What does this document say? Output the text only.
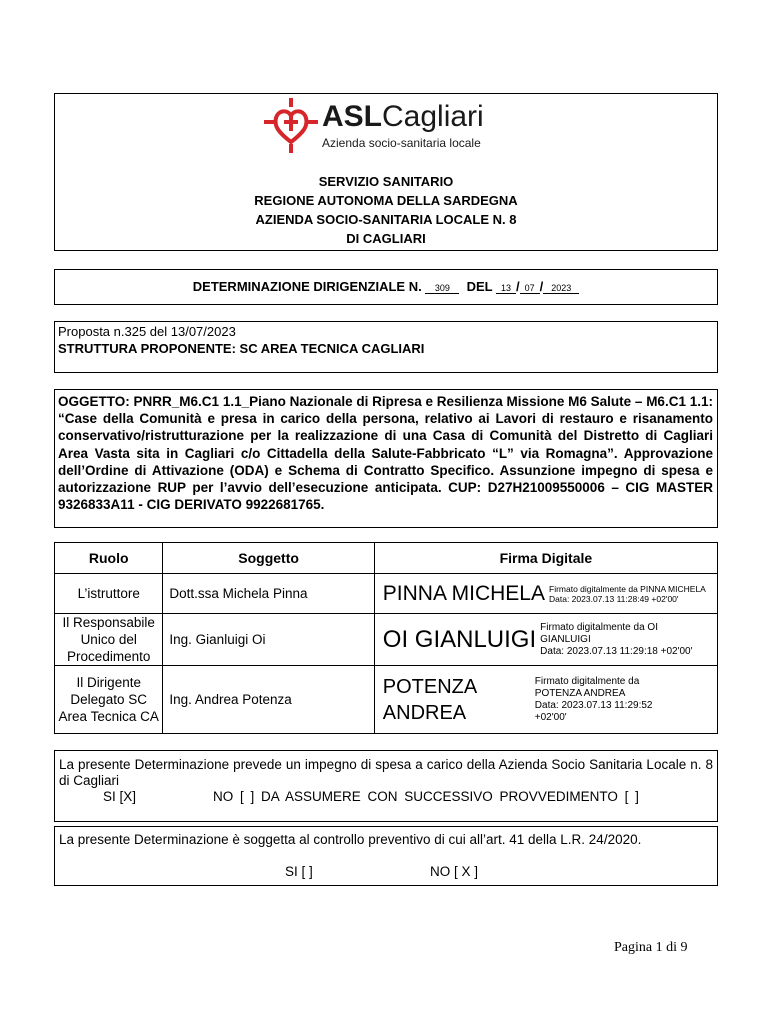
ASLCagliari
Azienda socio-sanitaria locale
SERVIZIO SANITARIO
REGIONE AUTONOMA DELLA SARDEGNA
AZIENDA SOCIO-SANITARIA LOCALE N. 8
DI CAGLIARI
DETERMINAZIONE DIRIGENZIALE N. 309 DEL 13 / 07 / 2023
Proposta n.325 del 13/07/2023
STRUTTURA PROPONENTE: SC AREA TECNICA CAGLIARI
OGGETTO: PNRR_M6.C1 1.1_Piano Nazionale di Ripresa e Resilienza Missione M6 Salute – M6.C1 1.1: “Case della Comunità e presa in carico della persona, relativo ai Lavori di restauro e risanamento conservativo/ristrutturazione per la realizzazione di una Casa di Comunità del Distretto di Cagliari Area Vasta sita in Cagliari c/o Cittadella della Salute-Fabbricato “L” via Romagna”. Approvazione dell’Ordine di Attivazione (ODA) e Schema di Contratto Specifico. Assunzione impegno di spesa e autorizzazione RUP per l’avvio dell’esecuzione anticipata. CUP: D27H21009550006 – CIG MASTER 9326833A11 - CIG DERIVATO 9922681765.
Ruolo	Soggetto	Firma Digitale
L’istruttore	Dott.ssa Michela Pinna	PINNA MICHELA Firmato digitalmente da PINNA MICHELA
Data: 2023.07.13 11:28:49 +02'00'

Il Responsabile Unico del Procedimento	Ing. Gianluigi Oi	OI GIANLUIGI Firmato digitalmente da OI GIANLUIGI
Data: 2023.07.13 11:29:18 +02'00'

Il Dirigente Delegato SC Area Tecnica CA	Ing. Andrea Potenza	POTENZA
ANDREA
Firmato digitalmente da POTENZA ANDREA
Data: 2023.07.13 11:29:52 +02'00'
La presente Determinazione prevede un impegno di spesa a carico della Azienda Socio Sanitaria Locale n. 8 di Cagliari
SI [X]	NO [ ] DA ASSUMERE CON SUCCESSIVO PROVVEDIMENTO [ ]
La presente Determinazione è soggetta al controllo preventivo di cui all’art. 41 della L.R. 24/2020.
SI [ ]	NO [ X ]
Pagina 1 di 9
